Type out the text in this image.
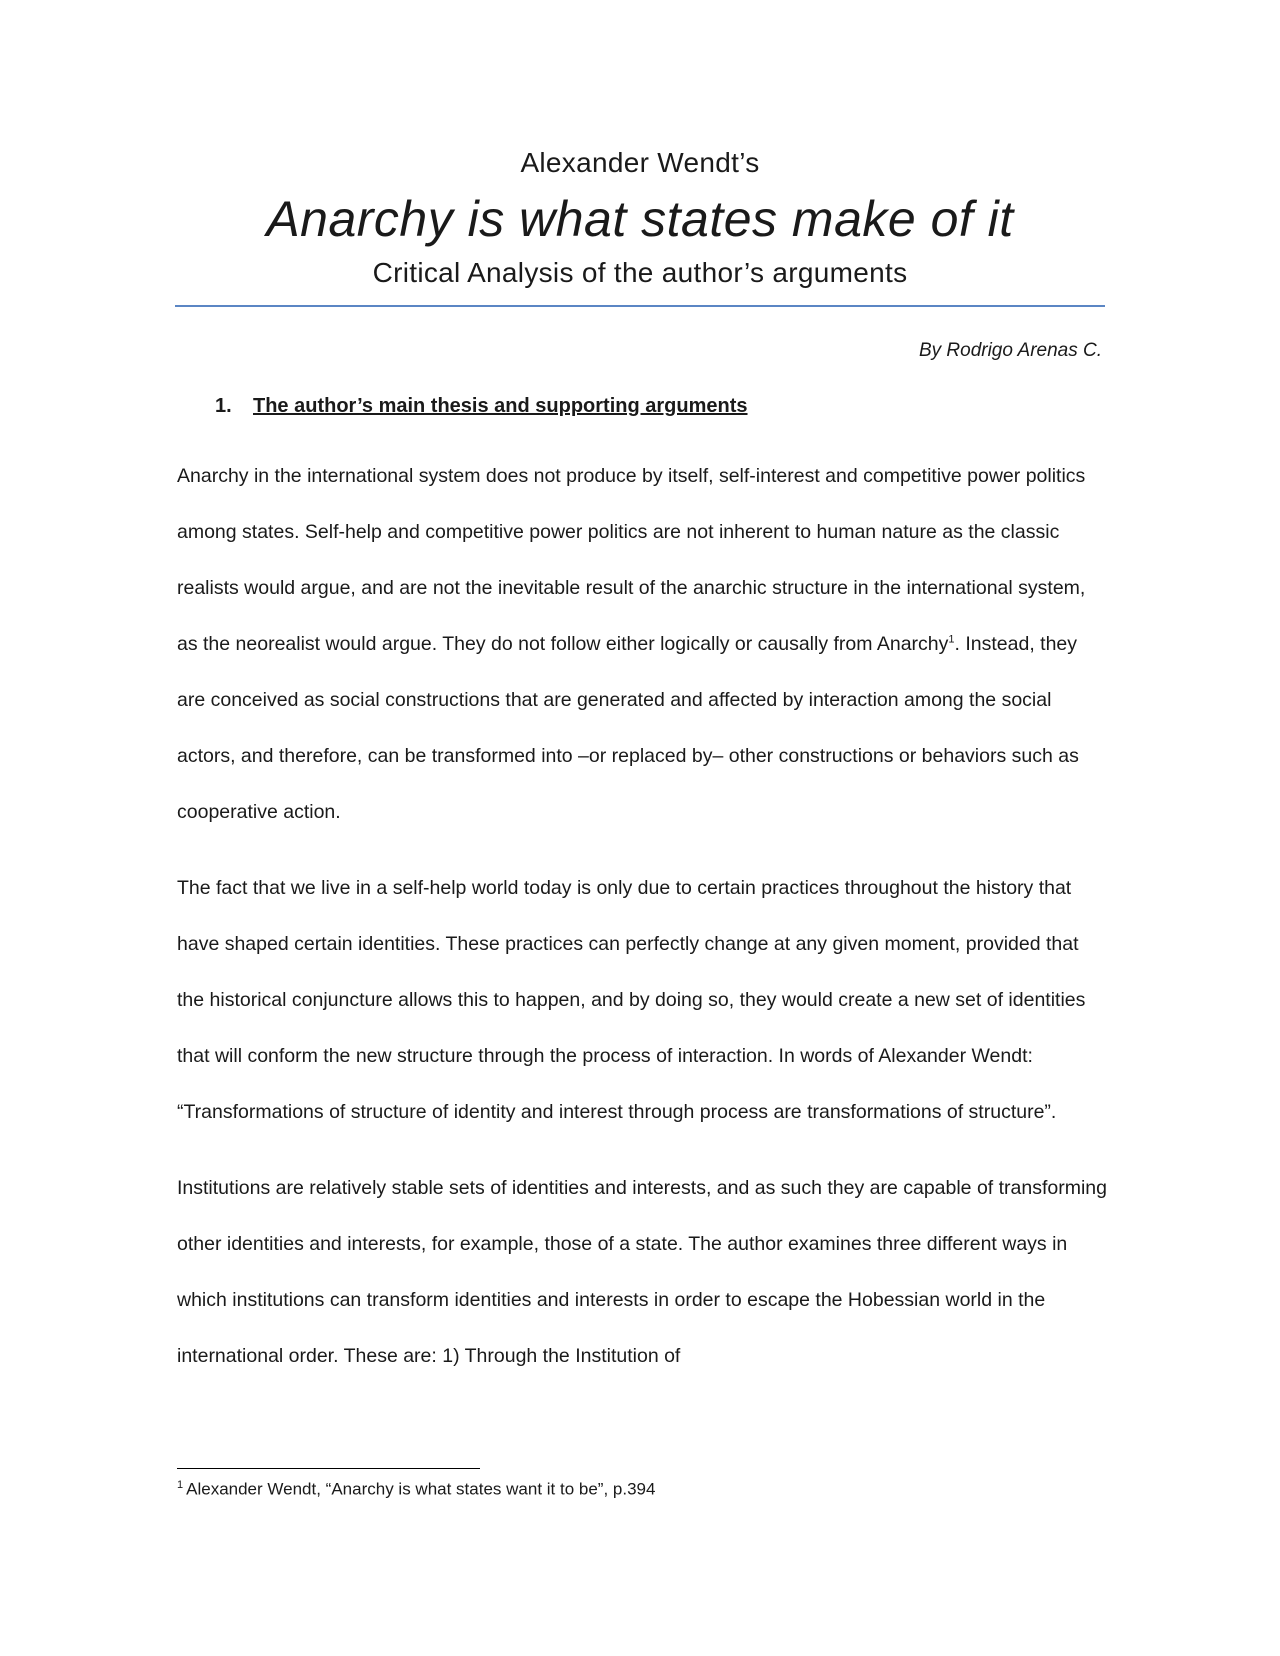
Alexander Wendt’s

Anarchy is what states make of it

Critical Analysis of the author’s arguments

By Rodrigo Arenas C.

1. The author’s main thesis and supporting arguments

Anarchy in the international system does not produce by itself, self-interest and competitive power politics among states. Self-help and competitive power politics are not inherent to human nature as the classic realists would argue, and are not the inevitable result of the anarchic structure in the international system, as the neorealist would argue. They do not follow either logically or causally from Anarchy$^1$. Instead, they are conceived as social constructions that are generated and affected by interaction among the social actors, and therefore, can be transformed into –or replaced by– other constructions or behaviors such as cooperative action.

The fact that we live in a self-help world today is only due to certain practices throughout the history that have shaped certain identities. These practices can perfectly change at any given moment, provided that the historical conjuncture allows this to happen, and by doing so, they would create a new set of identities that will conform the new structure through the process of interaction. In words of Alexander Wendt: “Transformations of structure of identity and interest through process are transformations of structure”.

Institutions are relatively stable sets of identities and interests, and as such they are capable of transforming other identities and interests, for example, those of a state. The author examines three different ways in which institutions can transform identities and interests in order to escape the Hobessian world in the international order. These are: 1) Through the Institution of

$^1$ Alexander Wendt, “Anarchy is what states want it to be”, p.394
